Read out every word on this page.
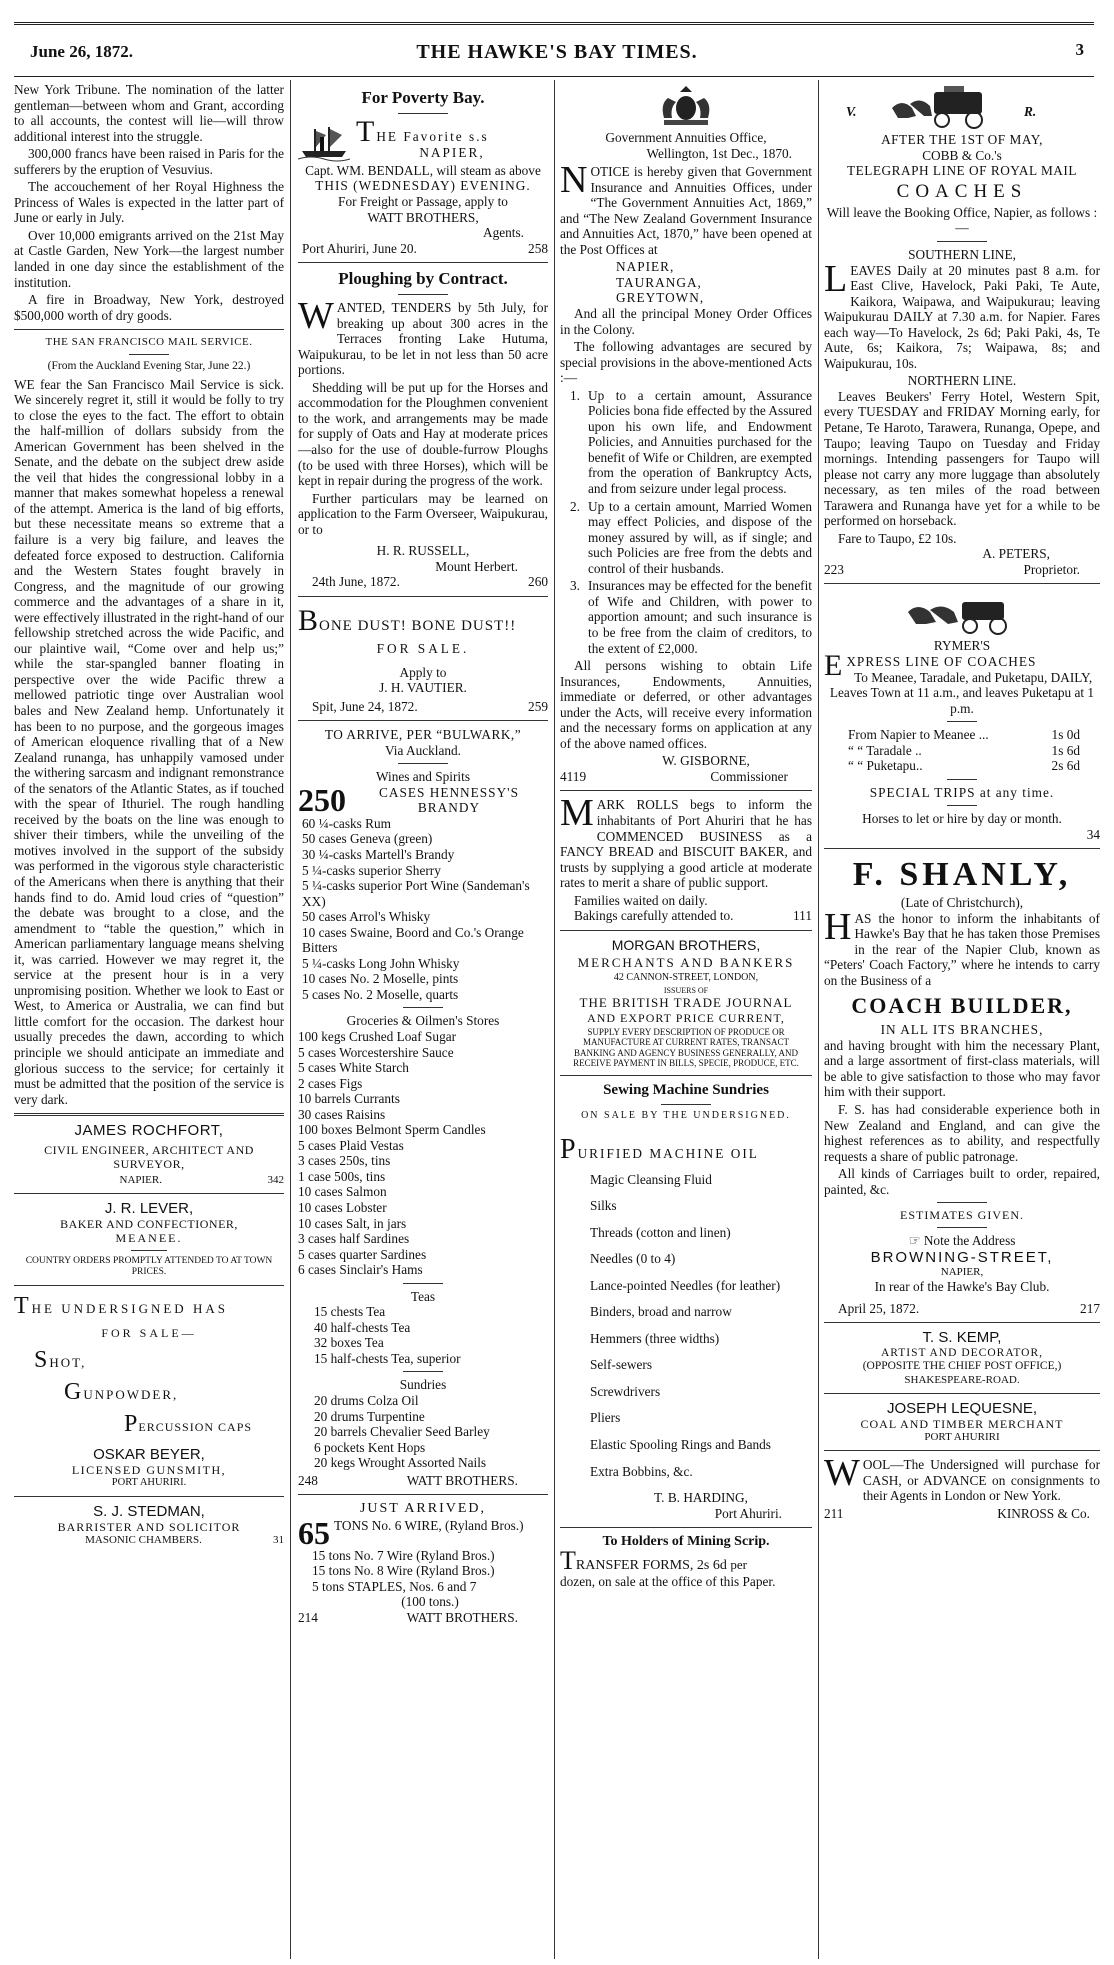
June 26, 1872.	THE HAWKE'S BAY TIMES.	3

New York Tribune. The nomination of the latter gentleman—between whom and Grant, according to all accounts, the contest will lie—will throw additional interest into the struggle.

300,000 francs have been raised in Paris for the sufferers by the eruption of Vesuvius.

The accouchement of her Royal Highness the Princess of Wales is expected in the latter part of June or early in July.

Over 10,000 emigrants arrived on the 21st May at Castle Garden, New York—the largest number landed in one day since the establishment of the institution.

A fire in Broadway, New York, destroyed $500,000 worth of dry goods.

THE SAN FRANCISCO MAIL SERVICE.
(From the Auckland Evening Star, June 22.)

WE fear the San Francisco Mail Service is sick. We sincerely regret it, still it would be folly to try to close the eyes to the fact. The effort to obtain the half-million of dollars subsidy from the American Government has been shelved in the Senate, and the debate on the subject drew aside the veil that hides the congressional lobby in a manner that makes somewhat hopeless a renewal of the attempt. America is the land of big efforts, but these necessitate means so extreme that a failure is a very big failure, and leaves the defeated force exposed to destruction. California and the Western States fought bravely in Congress, and the magnitude of our growing commerce and the advantages of a share in it, were effectively illustrated in the right-hand of our fellowship stretched across the wide Pacific, and our plaintive wail, “Come over and help us;” while the star-spangled banner floating in perspective over the wide Pacific threw a mellowed patriotic tinge over Australian wool bales and New Zealand hemp. Unfortunately it has been to no purpose, and the gorgeous images of American eloquence rivalling that of a New Zealand runanga, has unhappily vamosed under the withering sarcasm and indignant remonstrance of the senators of the Atlantic States, as if touched with the spear of Ithuriel. The rough handling received by the boats on the line was enough to shiver their timbers, while the unveiling of the motives involved in the support of the subsidy was performed in the vigorous style characteristic of the Americans when there is anything that their hands find to do. Amid loud cries of “question” the debate was brought to a close, and the amendment to “table the question,” which in American parliamentary language means shelving it, was carried. However we may regret it, the service at the present hour is in a very unpromising position. Whether we look to East or West, to America or Australia, we can find but little comfort for the occasion. The darkest hour usually precedes the dawn, according to which principle we should anticipate an immediate and glorious success to the service; for certainly it must be admitted that the position of the service is very dark.

JAMES ROCHFORT,
CIVIL ENGINEER, ARCHITECT AND SURVEYOR,
NAPIER.	342
J. R. LEVER,
BAKER AND CONFECTIONER,
MEANEE.
COUNTRY ORDERS PROMPTLY ATTENDED TO AT TOWN PRICES.
THE UNDERSIGNED HAS
FOR SALE—
SHOT,
GUNPOWDER,
PERCUSSION CAPS
OSKAR BEYER,
LICENSED GUNSMITH,
PORT AHURIRI.
S. J. STEDMAN,
BARRISTER AND SOLICITOR
MASONIC CHAMBERS.	31
For Poverty Bay.
THE Favorite s.s
NAPIER,
Capt. WM. BENDALL, will steam as above
THIS (WEDNESDAY) EVENING.
For Freight or Passage, apply to
WATT BROTHERS,
Agents.
Port Ahuriri, June 20.	258
Ploughing by Contract.

WANTED, TENDERS by 5th July, for breaking up about 300 acres in the Terraces fronting Lake Hutuma, Waipukurau, to be let in not less than 50 acre portions.

Shedding will be put up for the Horses and accommodation for the Ploughmen convenient to the work, and arrangements may be made for supply of Oats and Hay at moderate prices—also for the use of double-furrow Ploughs (to be used with three Horses), which will be kept in repair during the progress of the work.

Further particulars may be learned on application to the Farm Overseer, Waipukurau, or to

H. R. RUSSELL,
Mount Herbert.
24th June, 1872.	260
BONE DUST! BONE DUST!!
FOR SALE.
Apply to
J. H. VAUTIER.
Spit, June 24, 1872.	259
TO ARRIVE, PER “BULWARK,”
Via Auckland.
Wines and Spirits
250	CASES HENNESSY'S BRANDY
60 ¼-casks Rum
50 cases Geneva (green)
30 ¼-casks Martell's Brandy
5 ¼-casks superior Sherry
5 ¼-casks superior Port Wine (Sandeman's XX)
50 cases Arrol's Whisky
10 cases Swaine, Boord and Co.'s Orange Bitters
5 ¼-casks Long John Whisky
10 cases No. 2 Moselle, pints
5 cases No. 2 Moselle, quarts
Groceries & Oilmen's Stores
100 kegs Crushed Loaf Sugar
5 cases Worcestershire Sauce
5 cases White Starch
2 cases Figs
10 barrels Currants
30 cases Raisins
100 boxes Belmont Sperm Candles
5 cases Plaid Vestas
3 cases 250s, tins
1 case 500s, tins
10 cases Salmon
10 cases Lobster
10 cases Salt, in jars
3 cases half Sardines
5 cases quarter Sardines
6 cases Sinclair's Hams
Teas
15 chests Tea
40 half-chests Tea
32 boxes Tea
15 half-chests Tea, superior
Sundries
20 drums Colza Oil
20 drums Turpentine
20 barrels Chevalier Seed Barley
6 pockets Kent Hops
20 kegs Wrought Assorted Nails
248	WATT BROTHERS.
JUST ARRIVED,
65 TONS No. 6 WIRE, (Ryland Bros.)
15 tons No. 7 Wire (Ryland Bros.)
15 tons No. 8 Wire (Ryland Bros.)
5 tons STAPLES, Nos. 6 and 7
(100 tons.)
214	WATT BROTHERS.
Government Annuities Office,
Wellington, 1st Dec., 1870.

NOTICE is hereby given that Government Insurance and Annuities Offices, under “The Government Annuities Act, 1869,” and “The New Zealand Government Insurance and Annuities Act, 1870,” have been opened at the Post Offices at

NAPIER,
TAURANGA,
GREYTOWN,

And all the principal Money Order Offices in the Colony.

The following advantages are secured by special provisions in the above-mentioned Acts :—

1. Up to a certain amount, Assurance Policies bona fide effected by the Assured upon his own life, and Endowment Policies, and Annuities purchased for the benefit of Wife or Children, are exempted from the operation of Bankruptcy Acts, and from seizure under legal process.

2. Up to a certain amount, Married Women may effect Policies, and dispose of the money assured by will, as if single; and such Policies are free from the debts and control of their husbands.

3. Insurances may be effected for the benefit of Wife and Children, with power to apportion amount; and such insurance is to be free from the claim of creditors, to the extent of £2,000.

All persons wishing to obtain Life Insurances, Endowments, Annuities, immediate or deferred, or other advantages under the Acts, will receive every information and the necessary forms on application at any of the above named offices.

W. GISBORNE,
4119	Commissioner

MARK ROLLS begs to inform the inhabitants of Port Ahuriri that he has COMMENCED BUSINESS as a FANCY BREAD and BISCUIT BAKER, and trusts by supplying a good article at moderate rates to merit a share of public support.

Families waited on daily.
Bakings carefully attended to.	111
MORGAN BROTHERS,
MERCHANTS AND BANKERS
42 CANNON-STREET, LONDON,
ISSUERS OF
THE BRITISH TRADE JOURNAL
AND EXPORT PRICE CURRENT,
SUPPLY EVERY DESCRIPTION OF PRODUCE OR MANUFACTURE AT CURRENT RATES, TRANSACT BANKING AND AGENCY BUSINESS GENERALLY, AND RECEIVE PAYMENT IN BILLS, SPECIE, PRODUCE, ETC.
Sewing Machine Sundries
ON SALE BY THE UNDERSIGNED.
PURIFIED MACHINE OIL
Magic Cleansing Fluid
Silks
Threads (cotton and linen)
Needles (0 to 4)
Lance-pointed Needles (for leather)
Binders, broad and narrow
Hemmers (three widths)
Self-sewers
Screwdrivers
Pliers
Elastic Spooling Rings and Bands
Extra Bobbins, &c.
T. B. HARDING,
Port Ahuriri.
To Holders of Mining Scrip.
TRANSFER FORMS, 2s 6d per
dozen, on sale at the office of this Paper.
V.	R.
AFTER THE 1ST OF MAY,
COBB & Co.'s
TELEGRAPH LINE OF ROYAL MAIL
COACHES
Will leave the Booking Office, Napier, as follows :—
SOUTHERN LINE,

LEAVES Daily at 20 minutes past 8 a.m. for East Clive, Havelock, Paki Paki, Te Aute, Kaikora, Waipawa, and Waipukurau; leaving Waipukurau DAILY at 7.30 a.m. for Napier. Fares each way—To Havelock, 2s 6d; Paki Paki, 4s, Te Aute, 6s; Kaikora, 7s; Waipawa, 8s; and Waipukurau, 10s.

NORTHERN LINE.

Leaves Beukers' Ferry Hotel, Western Spit, every TUESDAY and FRIDAY Morning early, for Petane, Te Haroto, Tarawera, Runanga, Opepe, and Taupo; leaving Taupo on Tuesday and Friday mornings. Intending passengers for Taupo will please not carry any more luggage than absolutely necessary, as ten miles of the road between Tarawera and Runanga have yet for a while to be performed on horseback.

Fare to Taupo, £2 10s.
A. PETERS,
223	Proprietor.
RYMER'S
EXPRESS LINE OF COACHES
To Meanee, Taradale, and Puketapu, DAILY,
Leaves Town at 11 a.m., and leaves Puketapu at 1 p.m.
From Napier to Meanee ...	1s 0d
“ “ Taradale ..	1s 6d
“ “ Puketapu..	2s 6d
SPECIAL TRIPS at any time.
Horses to let or hire by day or month.
34
F. SHANLY,
(Late of Christchurch),

HAS the honor to inform the inhabitants of Hawke's Bay that he has taken those Premises in the rear of the Napier Club, known as “Peters' Coach Factory,” where he intends to carry on the Business of a

COACH BUILDER,
IN ALL ITS BRANCHES,

and having brought with him the necessary Plant, and a large assortment of first-class materials, will be able to give satisfaction to those who may favor him with their support.

F. S. has had considerable experience both in New Zealand and England, and can give the highest references as to ability, and respectfully requests a share of public patronage.

All kinds of Carriages built to order, repaired, painted, &c.

ESTIMATES GIVEN.
☞ Note the Address
BROWNING-STREET,
NAPIER,
In rear of the Hawke's Bay Club.
April 25, 1872.	217
T. S. KEMP,
ARTIST AND DECORATOR,
(OPPOSITE THE CHIEF POST OFFICE,)
SHAKESPEARE-ROAD.
JOSEPH LEQUESNE,
COAL AND TIMBER MERCHANT
PORT AHURIRI

WOOL—The Undersigned will purchase for CASH, or ADVANCE on consignments to their Agents in London or New York.

211	KINROSS & Co.
